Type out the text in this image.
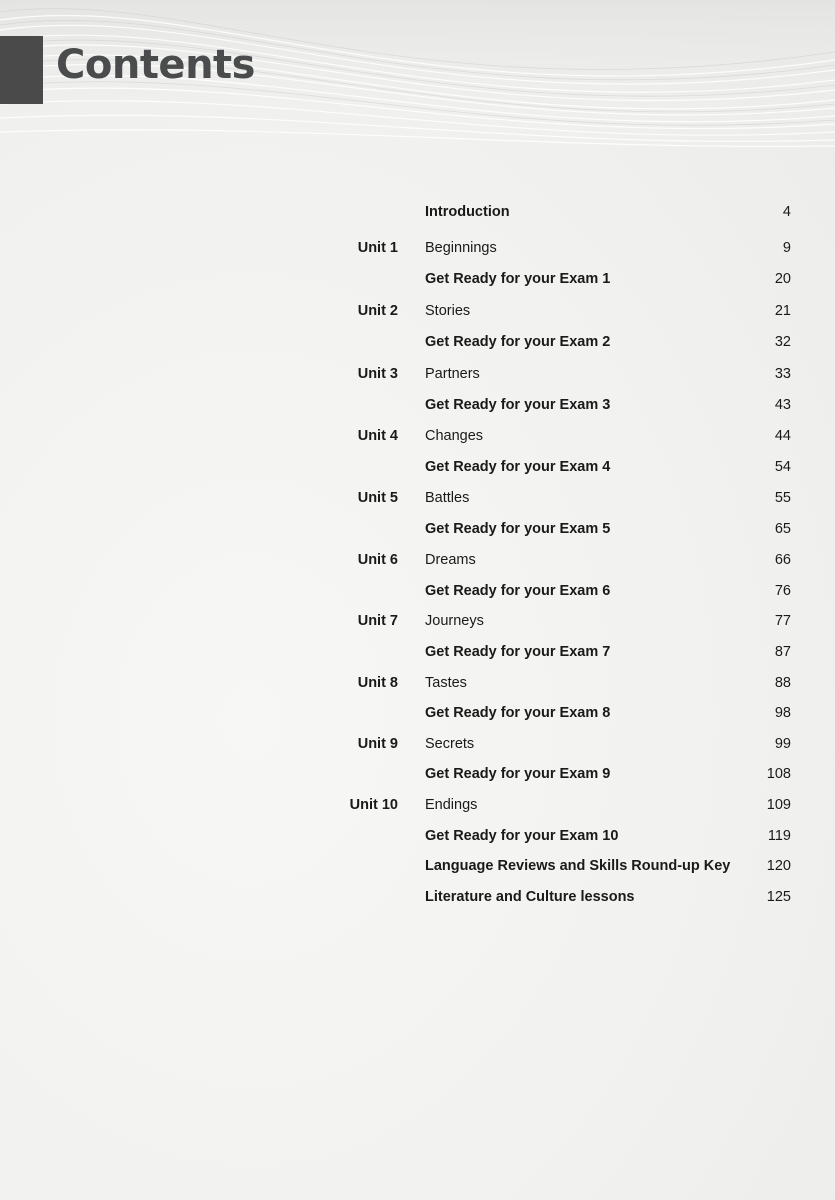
Contents
Introduction	4
Unit 1 Beginnings	9
Get Ready for your Exam 1	20
Unit 2 Stories	21
Get Ready for your Exam 2	32
Unit 3 Partners	33
Get Ready for your Exam 3	43
Unit 4 Changes	44
Get Ready for your Exam 4	54
Unit 5 Battles	55
Get Ready for your Exam 5	65
Unit 6 Dreams	66
Get Ready for your Exam 6	76
Unit 7 Journeys	77
Get Ready for your Exam 7	87
Unit 8 Tastes	88
Get Ready for your Exam 8	98
Unit 9 Secrets	99
Get Ready for your Exam 9	108
Unit 10 Endings	109
Get Ready for your Exam 10	119
Language Reviews and Skills Round-up Key	120
Literature and Culture lessons	125
